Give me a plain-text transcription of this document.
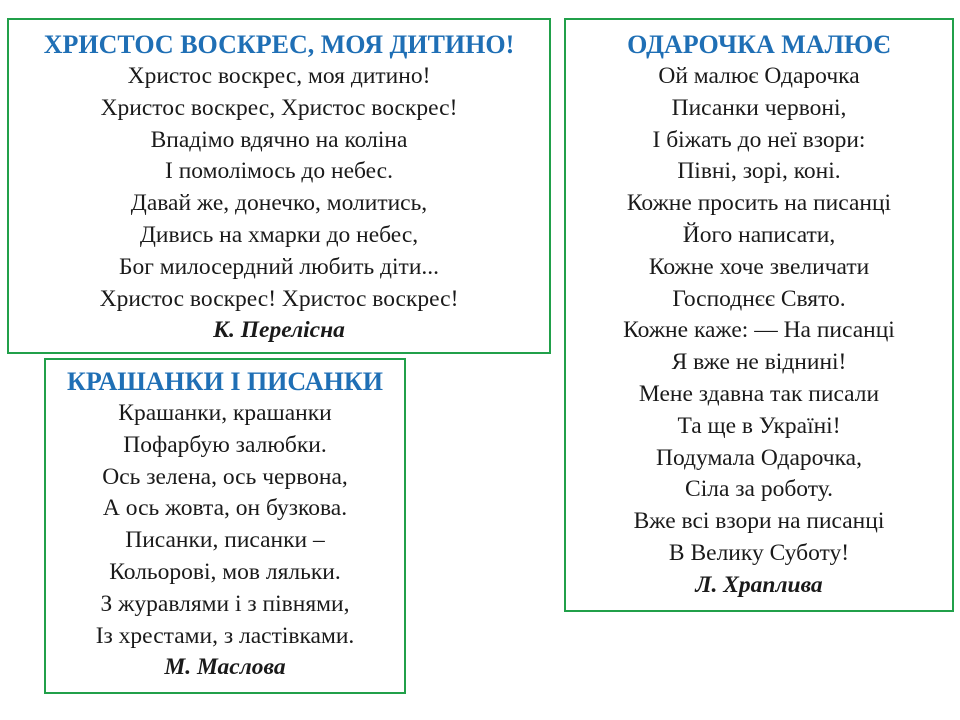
ХРИСТОС ВОСКРЕС, МОЯ ДИТИНО!
Христос воскрес, моя дитино!
Христос воскрес, Христос воскрес!
Впадімо вдячно на коліна
І помолімось до небес.
Давай же, донечко, молитись,
Дивись на хмарки до небес,
Бог милосердний любить діти...
Христос воскрес! Христос воскрес!
К. Перелісна
ОДАРОЧКА МАЛЮЄ
Ой малює Одарочка
Писанки червоні,
І біжать до неї взори:
Півні, зорі, коні.
Кожне просить на писанці
Його написати,
Кожне хоче звеличати
Господнєє Свято.
Кожне каже: — На писанці
Я вже не віднині!
Мене здавна так писали
Та ще в Україні!
Подумала Одарочка,
Сіла за роботу.
Вже всі взори на писанці
В Велику Суботу!
Л. Храплива
КРАШАНКИ І ПИСАНКИ
Крашанки, крашанки
Пофарбую залюбки.
Ось зелена, ось червона,
А ось жовта, он бузкова.
Писанки, писанки –
Кольорові, мов ляльки.
З журавлями і з півнями,
Із хрестами, з ластівками.
М. Маслова
